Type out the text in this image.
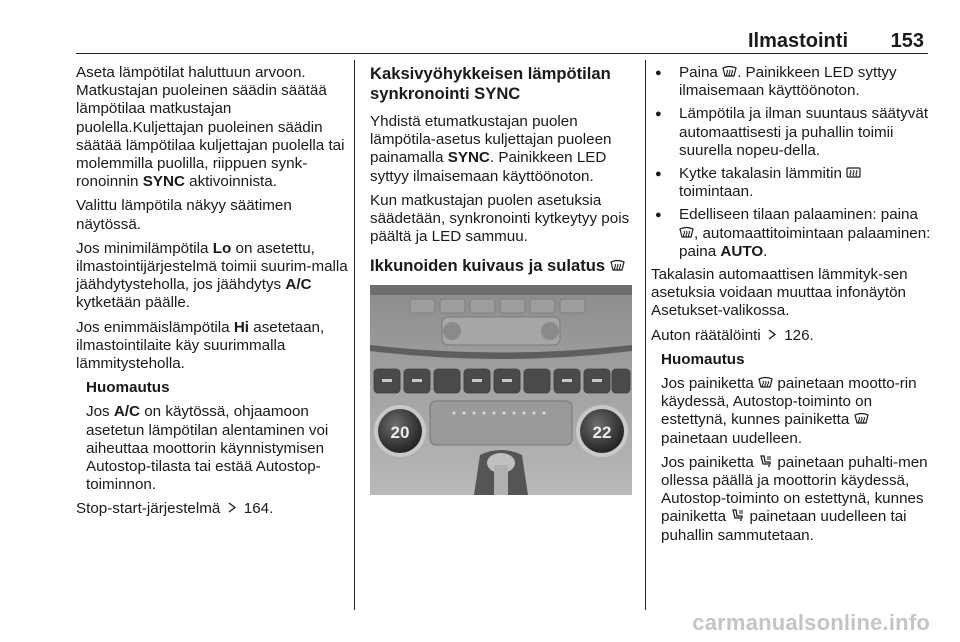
Ilmastointi 153

Aseta lämpötilat haluttuun arvoon. Matkustajan puoleinen säädin säätää lämpötilaa matkustajan puolella.Kuljettajan puoleinen säädin säätää lämpötilaa kuljettajan puolella tai molemmilla puolilla, riippuen synk-ronoinnin SYNC aktivoinnista.

Valittu lämpötila näkyy säätimen näytössä.

Jos minimilämpötila Lo on asetettu, ilmastointijärjestelmä toimii suurim-malla jäähdytysteholla, jos jäähdytys A/C kytketään päälle.

Jos enimmäislämpötila Hi asetetaan, ilmastointilaite käy suurimmalla lämmitysteholla.

Huomautus

Jos A/C on käytössä, ohjaamoon asetetun lämpötilan alentaminen voi aiheuttaa moottorin käynnistymisen Autostop-tilasta tai estää Autostop-toiminnon.

Stop-start-järjestelmä
164.

Kaksivyöhykkeisen lämpötilan synkronointi SYNC

Yhdistä etumatkustajan puolen lämpötila-asetus kuljettajan puoleen painamalla SYNC. Painikkeen LED syttyy ilmaisemaan käyttöönoton.

Kun matkustajan puolen asetuksia säädetään, synkronointi kytkeytyy pois päältä ja LED sammuu.

Ikkunoiden kuivaus ja sulatus
20	22
● Paina
. Painikkeen LED syttyy ilmaisemaan käyttöönoton.
● Lämpötila ja ilman suuntaus säätyvät automaattisesti ja puhallin toimii suurella nopeu-della.
● Kytke takalasin lämmitin
toimintaan.
● Edelliseen tilaan palaaminen: paina
, automaattitoimintaan palaaminen: paina AUTO.

Takalasin automaattisen lämmityk-sen asetuksia voidaan muuttaa infonäytön Asetukset-valikossa.

Auton räätälöinti
126.

Huomautus

Jos painiketta
painetaan mootto-rin käydessä, Autostop-toiminto on estettynä, kunnes painiketta
painetaan uudelleen.

Jos painiketta
painetaan puhalti-men ollessa päällä ja moottorin käydessä, Autostop-toiminto on estettynä, kunnes painiketta
painetaan uudelleen tai puhallin sammutetaan.

carmanualsonline.info
